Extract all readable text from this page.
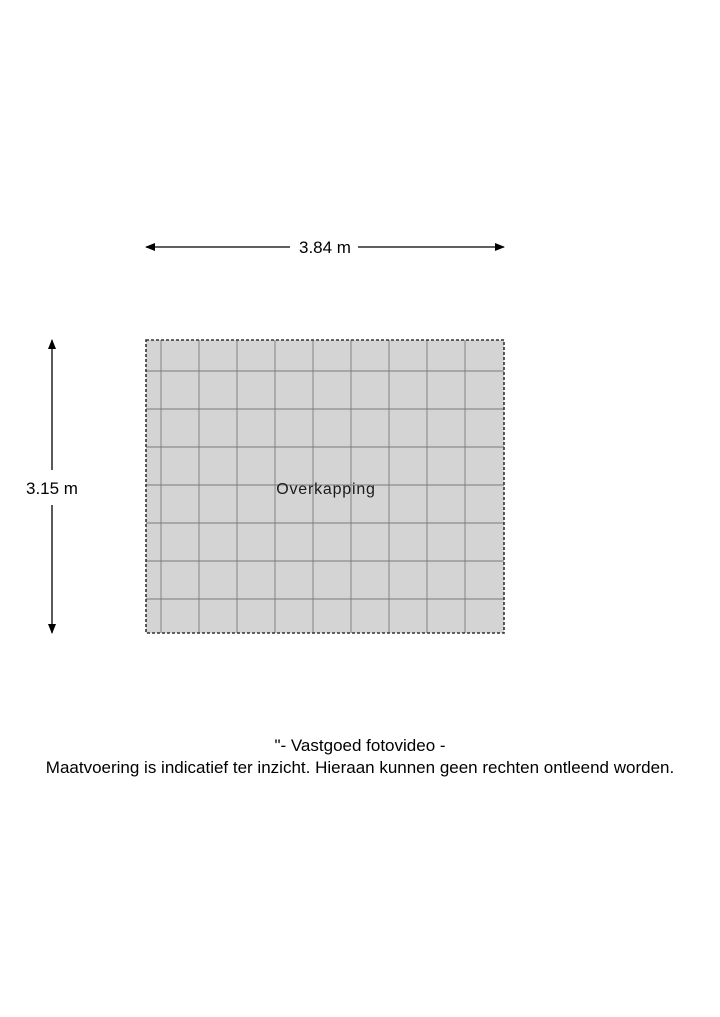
3.84 m
3.15 m	Overkapping
"- Vastgoed fotovideo -
Maatvoering is indicatief ter inzicht. Hieraan kunnen geen rechten ontleend worden.
